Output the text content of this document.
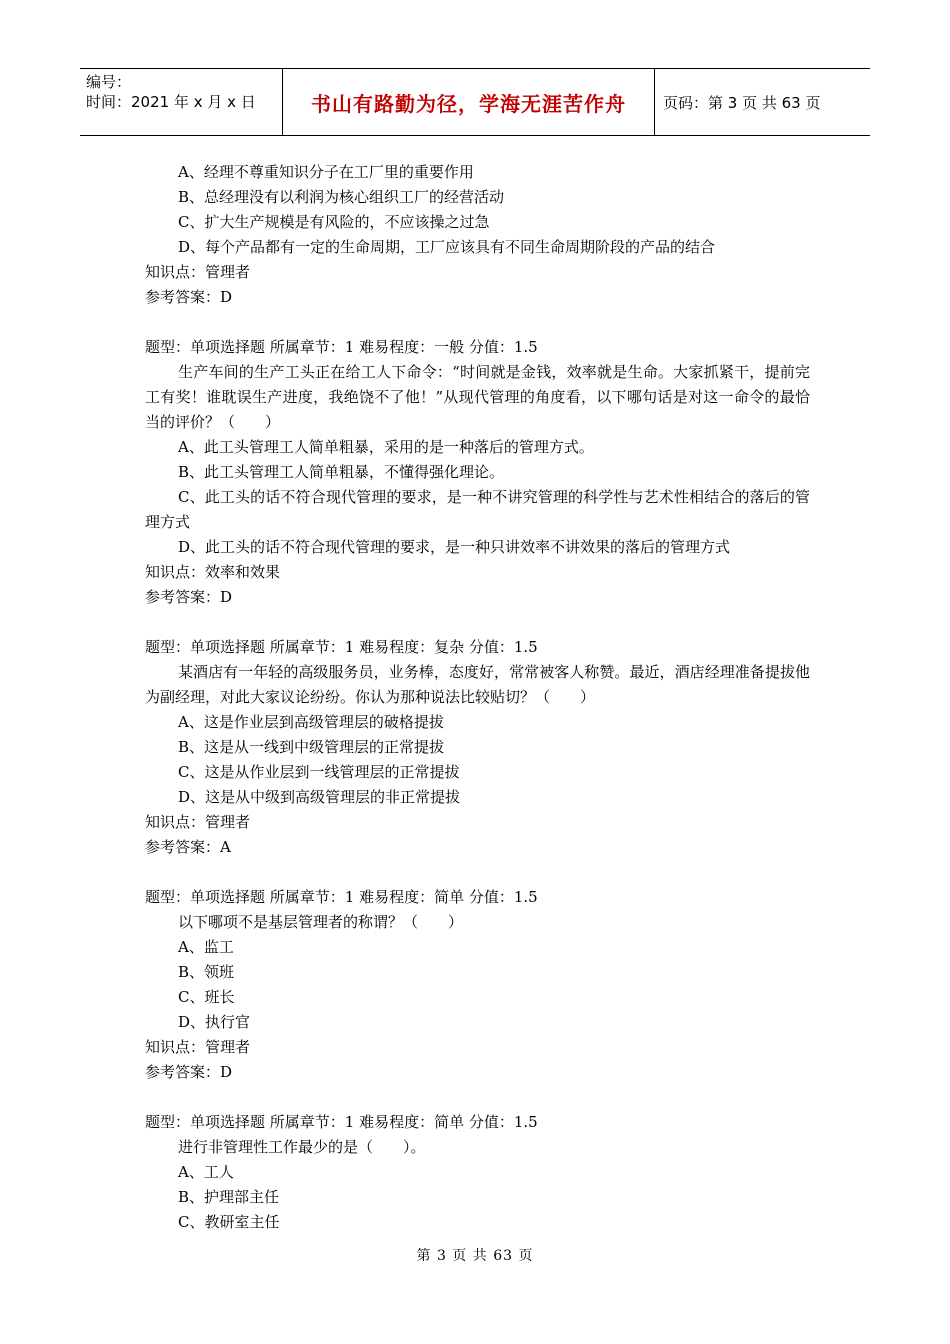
编号：
时间：2021 年 x 月 x 日	书山有路勤为径，学海无涯苦作舟 页码：第 3 页 共 63 页
A、经理不尊重知识分子在工厂里的重要作用
B、总经理没有以利润为核心组织工厂的经营活动
C、扩大生产规模是有风险的，不应该操之过急
D、每个产品都有一定的生命周期，工厂应该具有不同生命周期阶段的产品的结合
知识点：管理者
参考答案：D
题型：单项选择题 所属章节：1 难易程度：一般 分值：1.5
生产车间的生产工头正在给工人下命令：“时间就是金钱，效率就是生命。大家抓紧干，提前完工有奖！谁耽误生产进度，我绝饶不了他！”从现代管理的角度看，以下哪句话是对这一命令的最恰当的评价？（　　）
A、此工头管理工人简单粗暴，采用的是一种落后的管理方式。
B、此工头管理工人简单粗暴，不懂得强化理论。
C、此工头的话不符合现代管理的要求，是一种不讲究管理的科学性与艺术性相结合的落后的管理方式
D、此工头的话不符合现代管理的要求，是一种只讲效率不讲效果的落后的管理方式
知识点：效率和效果
参考答案：D
题型：单项选择题 所属章节：1 难易程度：复杂 分值：1.5
某酒店有一年轻的高级服务员，业务棒，态度好，常常被客人称赞。最近，酒店经理准备提拔他为副经理，对此大家议论纷纷。你认为那种说法比较贴切？（　　）
A、这是作业层到高级管理层的破格提拔
B、这是从一线到中级管理层的正常提拔
C、这是从作业层到一线管理层的正常提拔
D、这是从中级到高级管理层的非正常提拔
知识点：管理者
参考答案：A
题型：单项选择题 所属章节：1 难易程度：简单 分值：1.5
以下哪项不是基层管理者的称谓？（　　）
A、监工
B、领班
C、班长
D、执行官
知识点：管理者
参考答案：D
题型：单项选择题 所属章节：1 难易程度：简单 分值：1.5
进行非管理性工作最少的是（　　）。
A、工人
B、护理部主任
C、教研室主任
第 3 页 共 63 页
